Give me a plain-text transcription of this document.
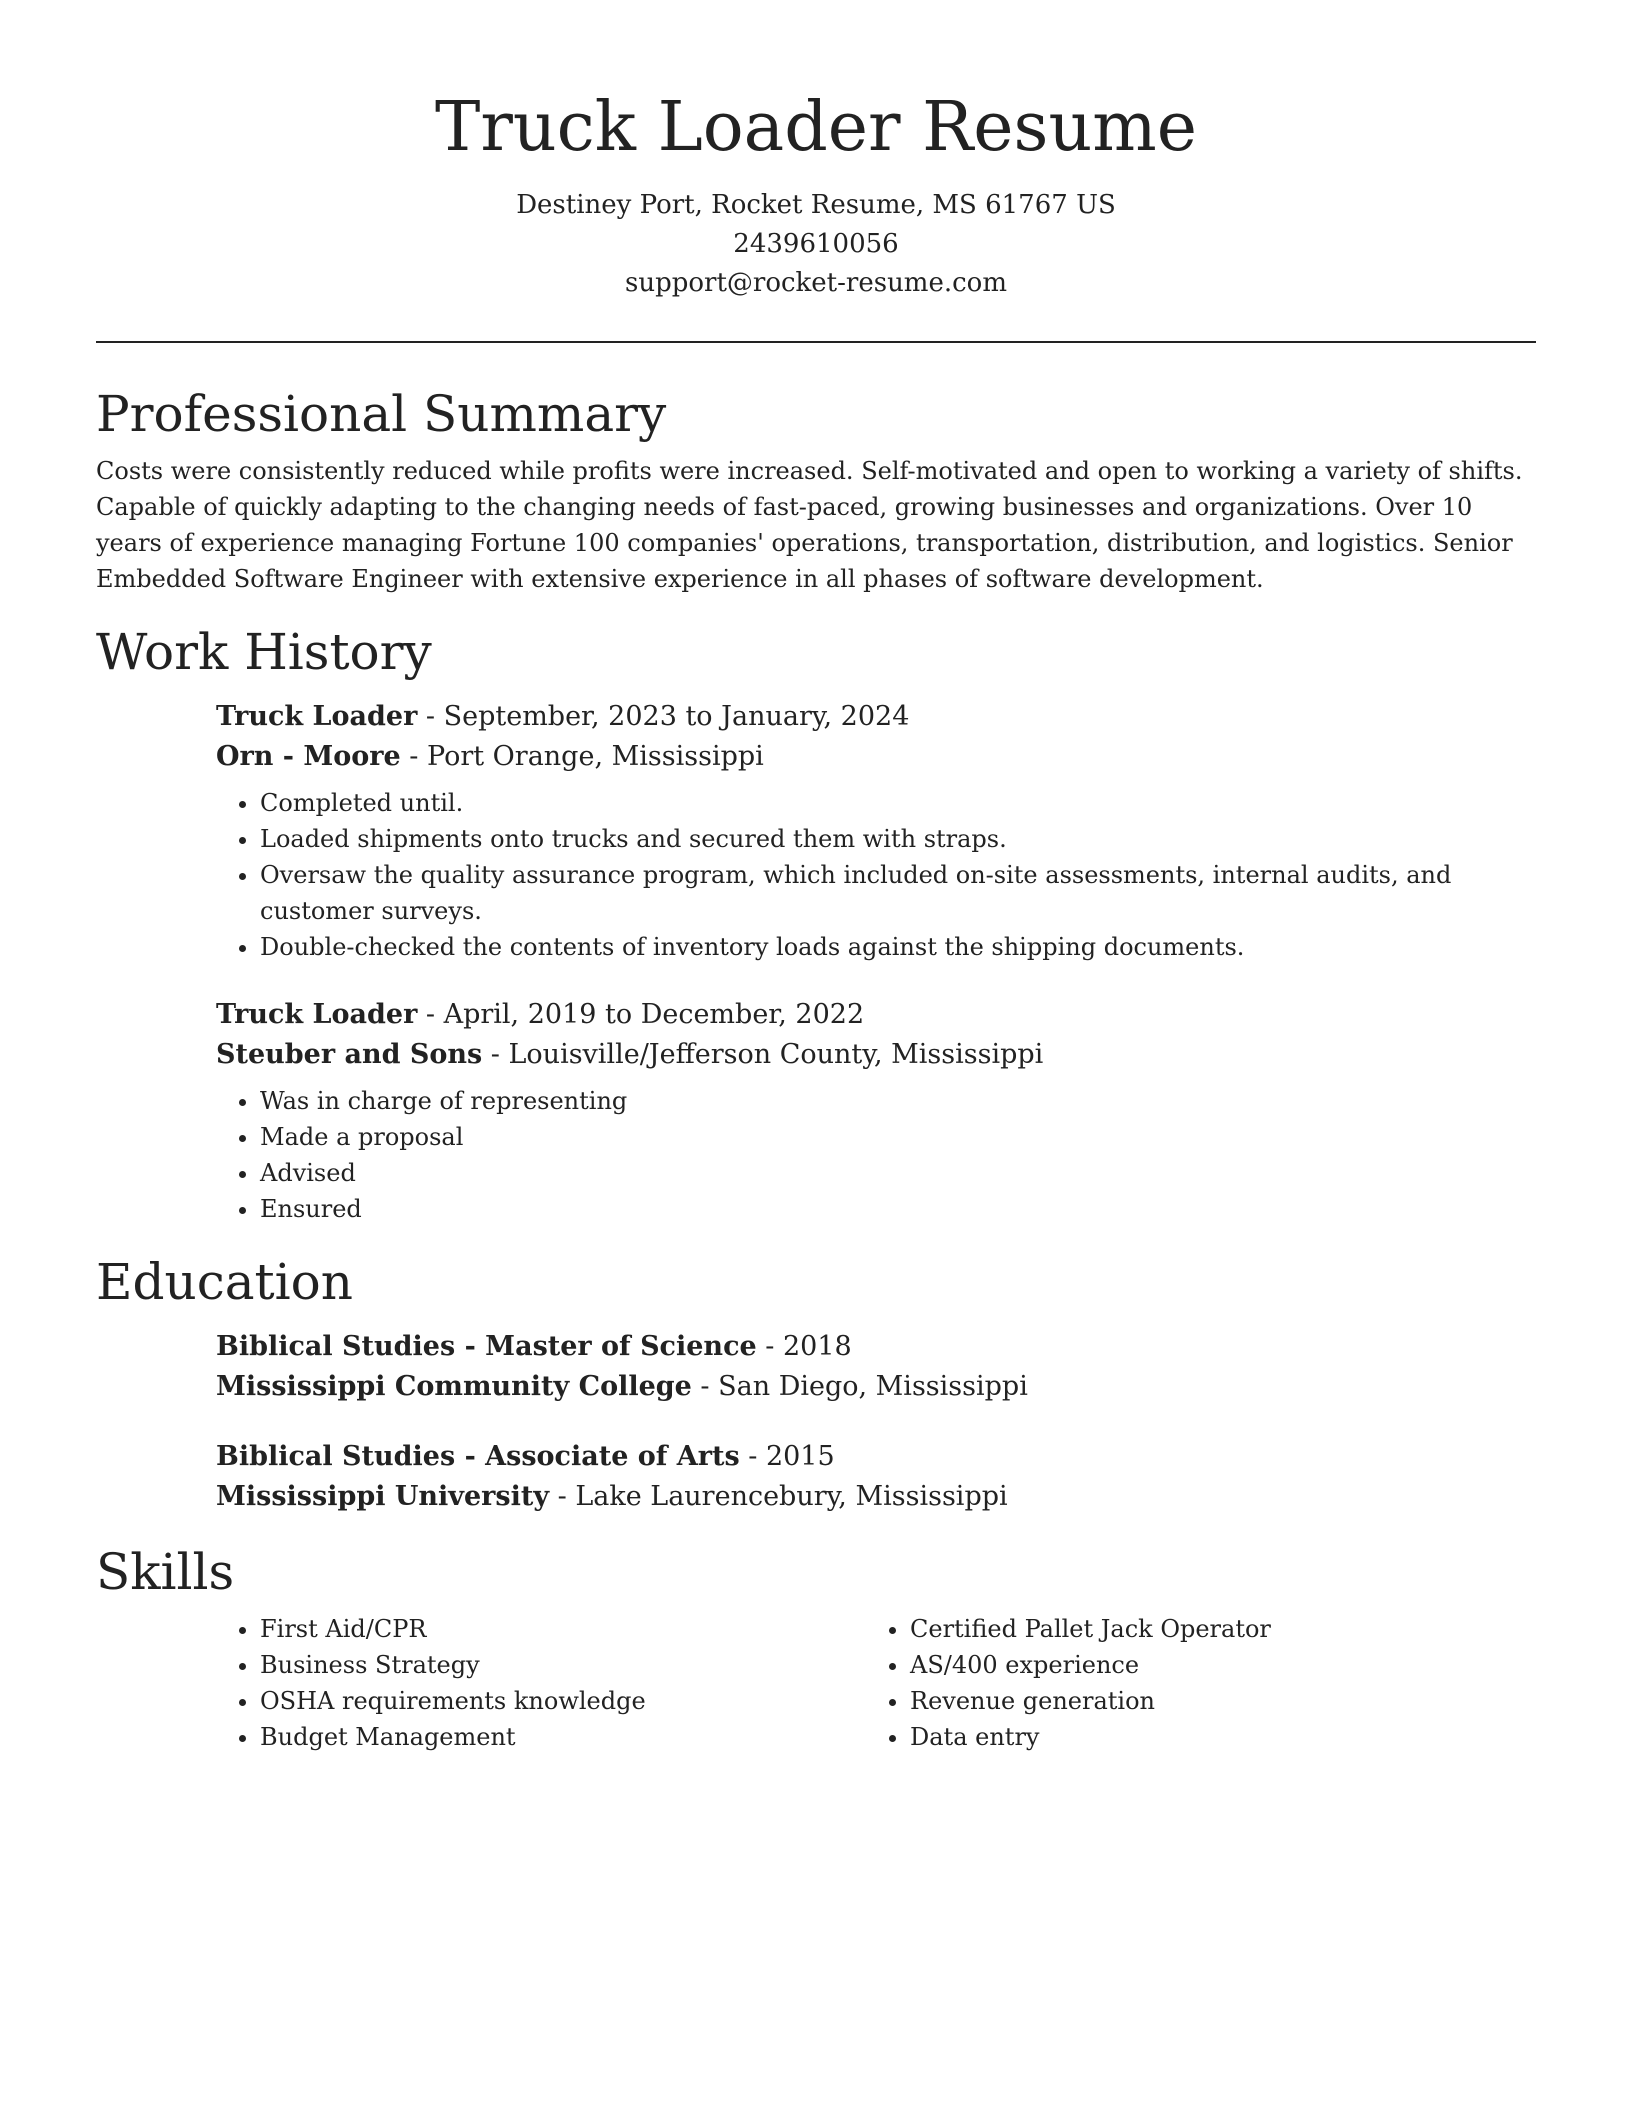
Truck Loader Resume

Destiney Port, Rocket Resume, MS 61767 US

2439610056

support@rocket-resume.com

Professional Summary

Costs were consistently reduced while profits were increased. Self-motivated and open to working a variety of shifts. Capable of quickly adapting to the changing needs of fast-paced, growing businesses and organizations. Over 10 years of experience managing Fortune 100 companies' operations, transportation, distribution, and logistics. Senior Embedded Software Engineer with extensive experience in all phases of software development.

Work History

Truck Loader - September, 2023 to January, 2024

Orn - Moore - Port Orange, Mississippi

• Completed until.
• Loaded shipments onto trucks and secured them with straps.
• Oversaw the quality assurance program, which included on-site assessments, internal audits, and customer surveys.
• Double-checked the contents of inventory loads against the shipping documents.

Truck Loader - April, 2019 to December, 2022

Steuber and Sons - Louisville/Jefferson County, Mississippi

• Was in charge of representing
• Made a proposal
• Advised
• Ensured
Education

Biblical Studies - Master of Science - 2018

Mississippi Community College - San Diego, Mississippi

Biblical Studies - Associate of Arts - 2015

Mississippi University - Lake Laurencebury, Mississippi

Skills
• First Aid/CPR
• Business Strategy
• OSHA requirements knowledge
• Budget Management
• Certified Pallet Jack Operator
• AS/400 experience
• Revenue generation
• Data entry
